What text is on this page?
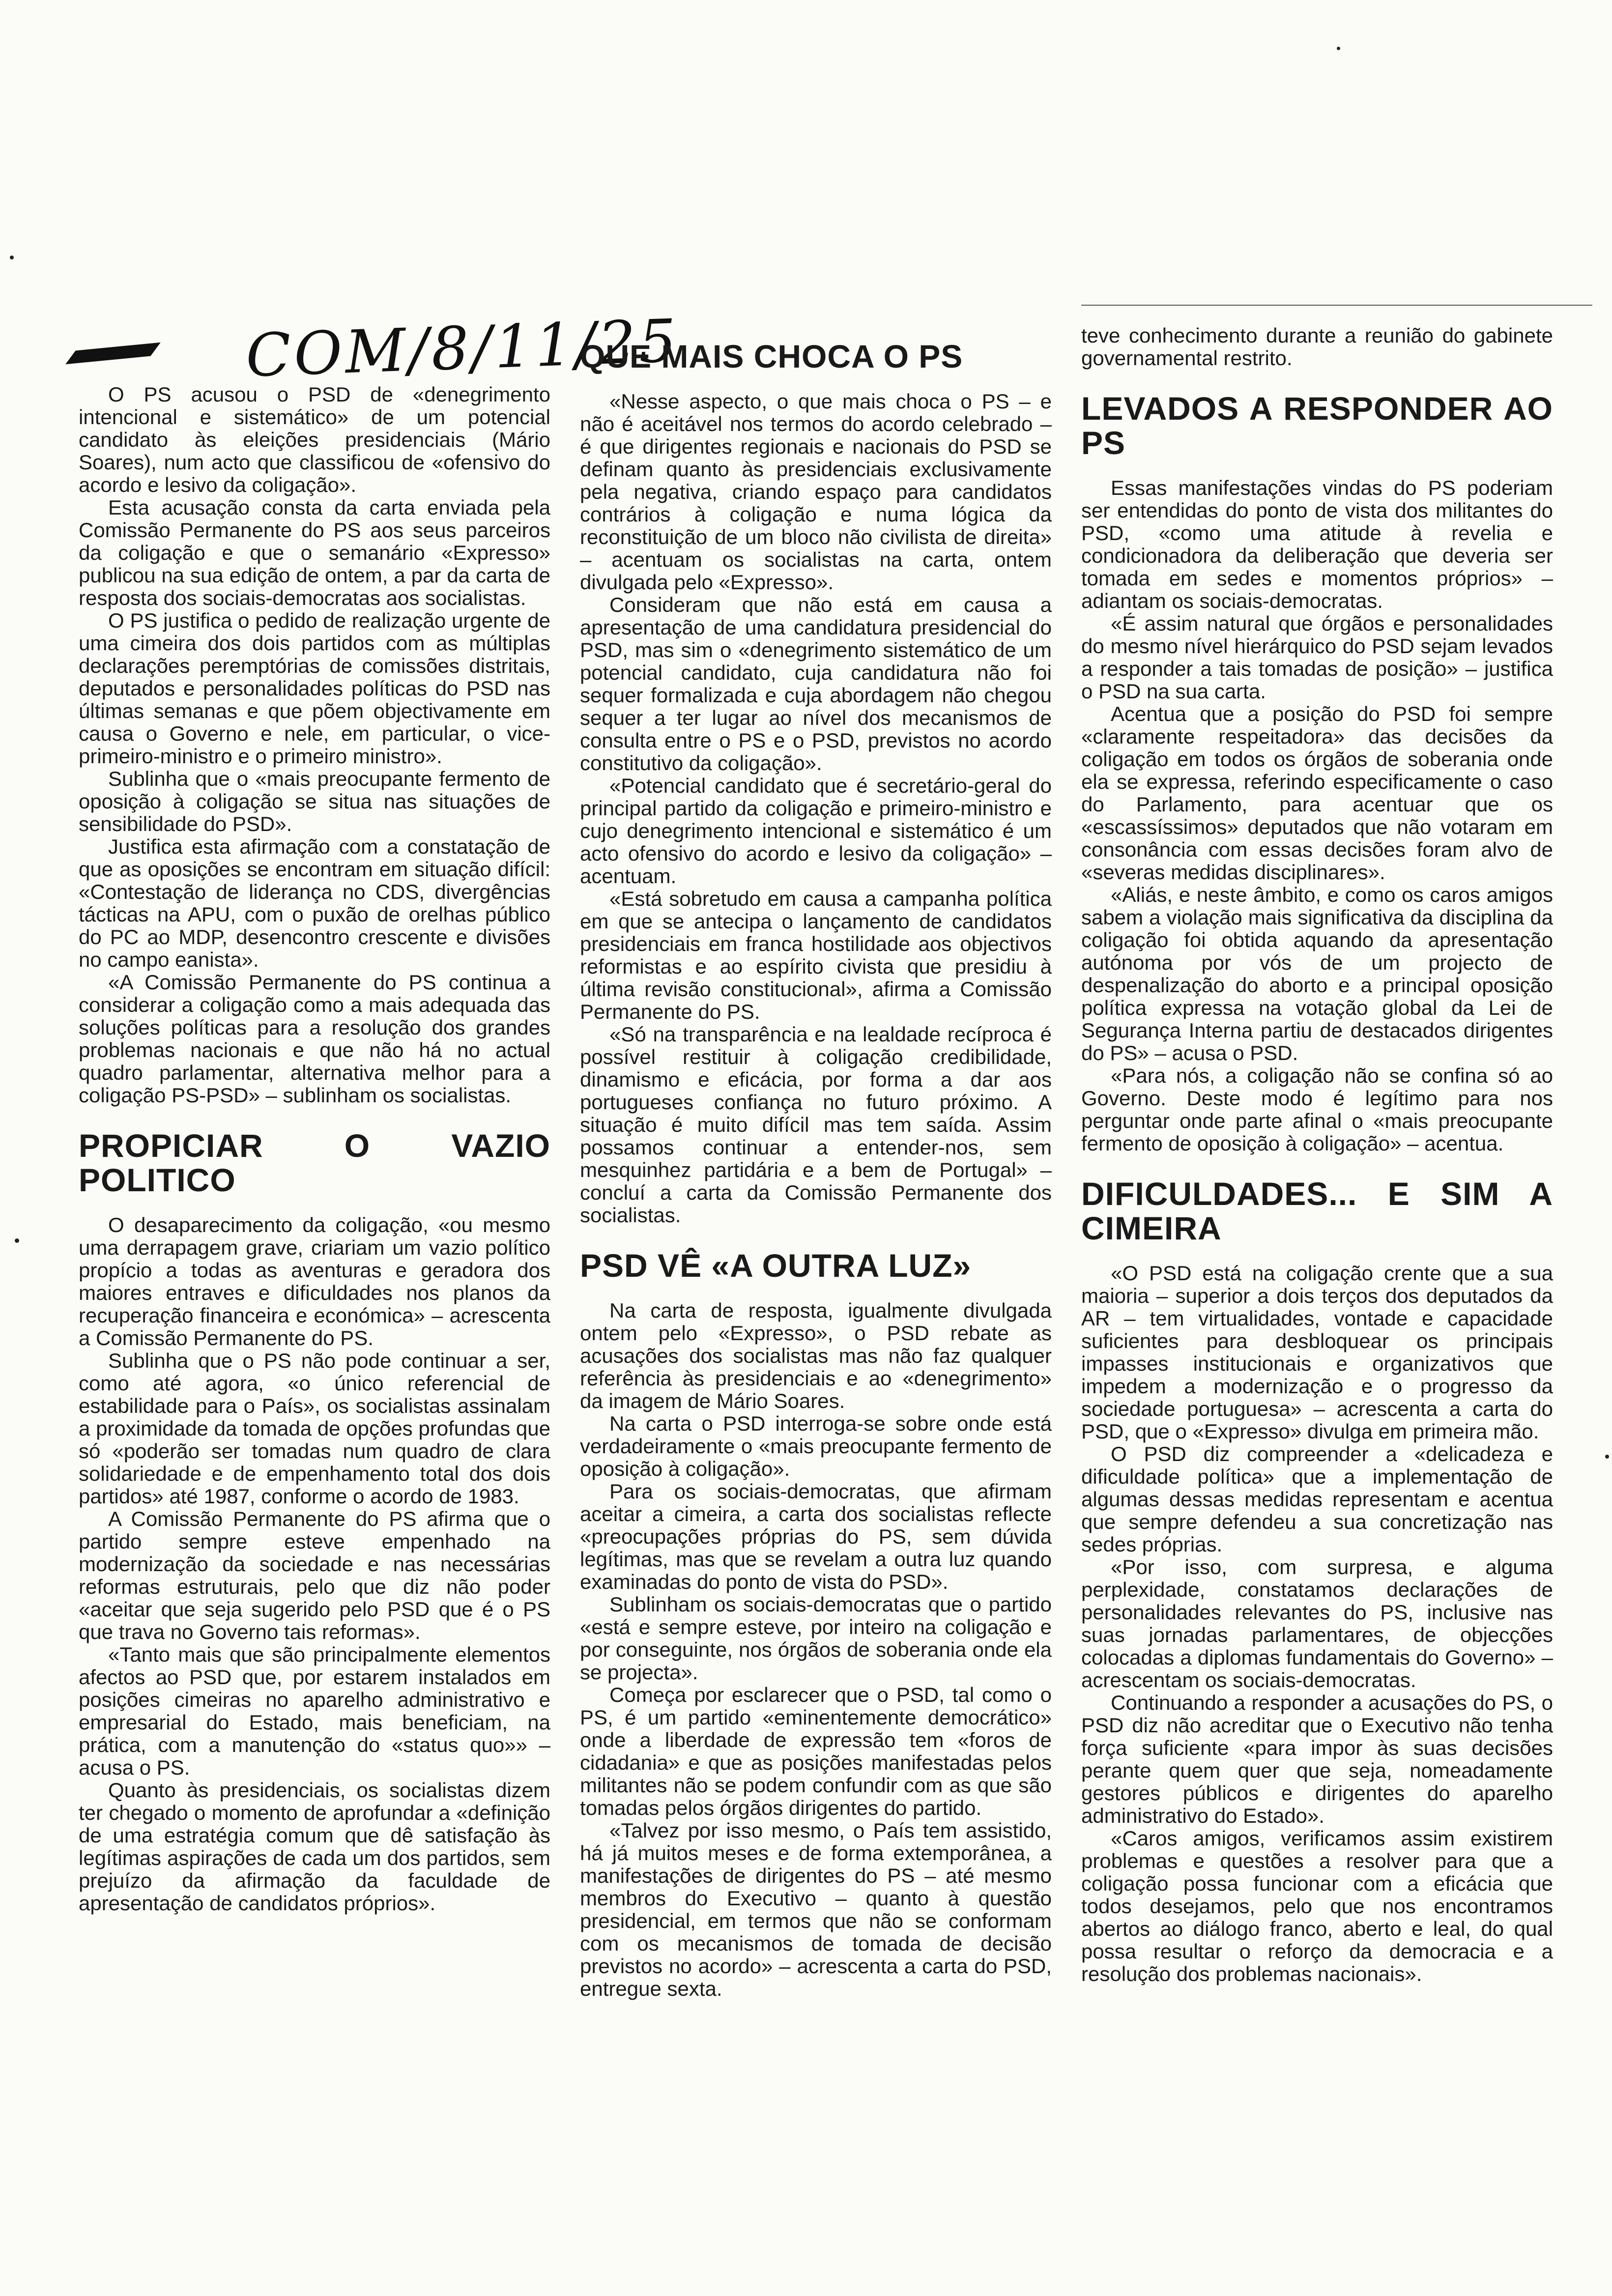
COM/8/11/25

O PS acusou o PSD de «denegrimento intencional e sistemático» de um potencial candidato às eleições presidenciais (Mário Soares), num acto que classificou de «ofensivo do acordo e lesivo da coligação».

Esta acusação consta da carta enviada pela Comissão Permanente do PS aos seus parceiros da coligação e que o semanário «Expresso» publicou na sua edição de ontem, a par da carta de resposta dos sociais-democratas aos socialistas.

O PS justifica o pedido de realização urgente de uma cimeira dos dois partidos com as múltiplas declarações peremptórias de comissões distritais, deputados e personalidades políticas do PSD nas últimas semanas e que põem objectivamente em causa o Governo e nele, em particular, o vice-primeiro-ministro e o primeiro ministro».

Sublinha que o «mais preocupante fermento de oposição à coligação se situa nas situações de sensibilidade do PSD».

Justifica esta afirmação com a constatação de que as oposições se encontram em situação difícil: «Contestação de liderança no CDS, divergências tácticas na APU, com o puxão de orelhas público do PC ao MDP, desencontro crescente e divisões no campo eanista».

«A Comissão Permanente do PS continua a considerar a coligação como a mais adequada das soluções políticas para a resolução dos grandes problemas nacionais e que não há no actual quadro parlamentar, alternativa melhor para a coligação PS-PSD» – sublinham os socialistas.

PROPICIAR O VAZIO POLITICO

O desaparecimento da coligação, «ou mesmo uma derrapagem grave, criariam um vazio político propício a todas as aventuras e geradora dos maiores entraves e dificuldades nos planos da recuperação financeira e económica» – acrescenta a Comissão Permanente do PS.

Sublinha que o PS não pode continuar a ser, como até agora, «o único referencial de estabilidade para o País», os socialistas assinalam a proximidade da tomada de opções profundas que só «poderão ser tomadas num quadro de clara solidariedade e de empenhamento total dos dois partidos» até 1987, conforme o acordo de 1983.

A Comissão Permanente do PS afirma que o partido sempre esteve empenhado na modernização da sociedade e nas necessárias reformas estruturais, pelo que diz não poder «aceitar que seja sugerido pelo PSD que é o PS que trava no Governo tais reformas».

«Tanto mais que são principalmente elementos afectos ao PSD que, por estarem instalados em posições cimeiras no aparelho administrativo e empresarial do Estado, mais beneficiam, na prática, com a manutenção do «status quo»» – acusa o PS.

Quanto às presidenciais, os socialistas dizem ter chegado o momento de aprofundar a «definição de uma estratégia comum que dê satisfação às legítimas aspirações de cada um dos partidos, sem prejuízo da afirmação da faculdade de apresentação de candidatos próprios».

QUE MAIS CHOCA O PS

«Nesse aspecto, o que mais choca o PS – e não é aceitável nos termos do acordo celebrado – é que dirigentes regionais e nacionais do PSD se definam quanto às presidenciais exclusivamente pela negativa, criando espaço para candidatos contrários à coligação e numa lógica da reconstituição de um bloco não civilista de direita» – acentuam os socialistas na carta, ontem divulgada pelo «Expresso».

Consideram que não está em causa a apresentação de uma candidatura presidencial do PSD, mas sim o «denegrimento sistemático de um potencial candidato, cuja candidatura não foi sequer formalizada e cuja abordagem não chegou sequer a ter lugar ao nível dos mecanismos de consulta entre o PS e o PSD, previstos no acordo constitutivo da coligação».

«Potencial candidato que é secretário-geral do principal partido da coligação e primeiro-ministro e cujo denegrimento intencional e sistemático é um acto ofensivo do acordo e lesivo da coligação» – acentuam.

«Está sobretudo em causa a campanha política em que se antecipa o lançamento de candidatos presidenciais em franca hostilidade aos objectivos reformistas e ao espírito civista que presidiu à última revisão constitucional», afirma a Comissão Permanente do PS.

«Só na transparência e na lealdade recíproca é possível restituir à coligação credibilidade, dinamismo e eficácia, por forma a dar aos portugueses confiança no futuro próximo. A situação é muito difícil mas tem saída. Assim possamos continuar a entender-nos, sem mesquinhez partidária e a bem de Portugal» – concluí a carta da Comissão Permanente dos socialistas.

PSD VÊ «A OUTRA LUZ»

Na carta de resposta, igualmente divulgada ontem pelo «Expresso», o PSD rebate as acusações dos socialistas mas não faz qualquer referência às presidenciais e ao «denegrimento» da imagem de Mário Soares.

Na carta o PSD interroga-se sobre onde está verdadeiramente o «mais preocupante fermento de oposição à coligação».

Para os sociais-democratas, que afirmam aceitar a cimeira, a carta dos socialistas reflecte «preocupações próprias do PS, sem dúvida legítimas, mas que se revelam a outra luz quando examinadas do ponto de vista do PSD».

Sublinham os sociais-democratas que o partido «está e sempre esteve, por inteiro na coligação e por conseguinte, nos órgãos de soberania onde ela se projecta».

Começa por esclarecer que o PSD, tal como o PS, é um partido «eminentemente democrático» onde a liberdade de expressão tem «foros de cidadania» e que as posições manifestadas pelos militantes não se podem confundir com as que são tomadas pelos órgãos dirigentes do partido.

«Talvez por isso mesmo, o País tem assistido, há já muitos meses e de forma extemporânea, a manifestações de dirigentes do PS – até mesmo membros do Executivo – quanto à questão presidencial, em termos que não se conformam com os mecanismos de tomada de decisão previstos no acordo» – acrescenta a carta do PSD, entregue sexta.

teve conhecimento durante a reunião do gabinete governamental restrito.

LEVADOS A RESPONDER AO PS

Essas manifestações vindas do PS poderiam ser entendidas do ponto de vista dos militantes do PSD, «como uma atitude à revelia e condicionadora da deliberação que deveria ser tomada em sedes e momentos próprios» – adiantam os sociais-democratas.

«É assim natural que órgãos e personalidades do mesmo nível hierárquico do PSD sejam levados a responder a tais tomadas de posição» – justifica o PSD na sua carta.

Acentua que a posição do PSD foi sempre «claramente respeitadora» das decisões da coligação em todos os órgãos de soberania onde ela se expressa, referindo especificamente o caso do Parlamento, para acentuar que os «escassíssimos» deputados que não votaram em consonância com essas decisões foram alvo de «severas medidas disciplinares».

«Aliás, e neste âmbito, e como os caros amigos sabem a violação mais significativa da disciplina da coligação foi obtida aquando da apresentação autónoma por vós de um projecto de despenalização do aborto e a principal oposição política expressa na votação global da Lei de Segurança Interna partiu de destacados dirigentes do PS» – acusa o PSD.

«Para nós, a coligação não se confina só ao Governo. Deste modo é legítimo para nos perguntar onde parte afinal o «mais preocupante fermento de oposição à coligação» – acentua.

DIFICULDADES... E SIM A CIMEIRA

«O PSD está na coligação crente que a sua maioria – superior a dois terços dos deputados da AR – tem virtualidades, vontade e capacidade suficientes para desbloquear os principais impasses institucionais e organizativos que impedem a modernização e o progresso da sociedade portuguesa» – acrescenta a carta do PSD, que o «Expresso» divulga em primeira mão.

O PSD diz compreender a «delicadeza e dificuldade política» que a implementação de algumas dessas medidas representam e acentua que sempre defendeu a sua concretização nas sedes próprias.

«Por isso, com surpresa, e alguma perplexidade, constatamos declarações de personalidades relevantes do PS, inclusive nas suas jornadas parlamentares, de objecções colocadas a diplomas fundamentais do Governo» – acrescentam os sociais-democratas.

Continuando a responder a acusações do PS, o PSD diz não acreditar que o Executivo não tenha força suficiente «para impor às suas decisões perante quem quer que seja, nomeadamente gestores públicos e dirigentes do aparelho administrativo do Estado».

«Caros amigos, verificamos assim existirem problemas e questões a resolver para que a coligação possa funcionar com a eficácia que todos desejamos, pelo que nos encontramos abertos ao diálogo franco, aberto e leal, do qual possa resultar o reforço da democracia e a resolução dos problemas nacionais».
